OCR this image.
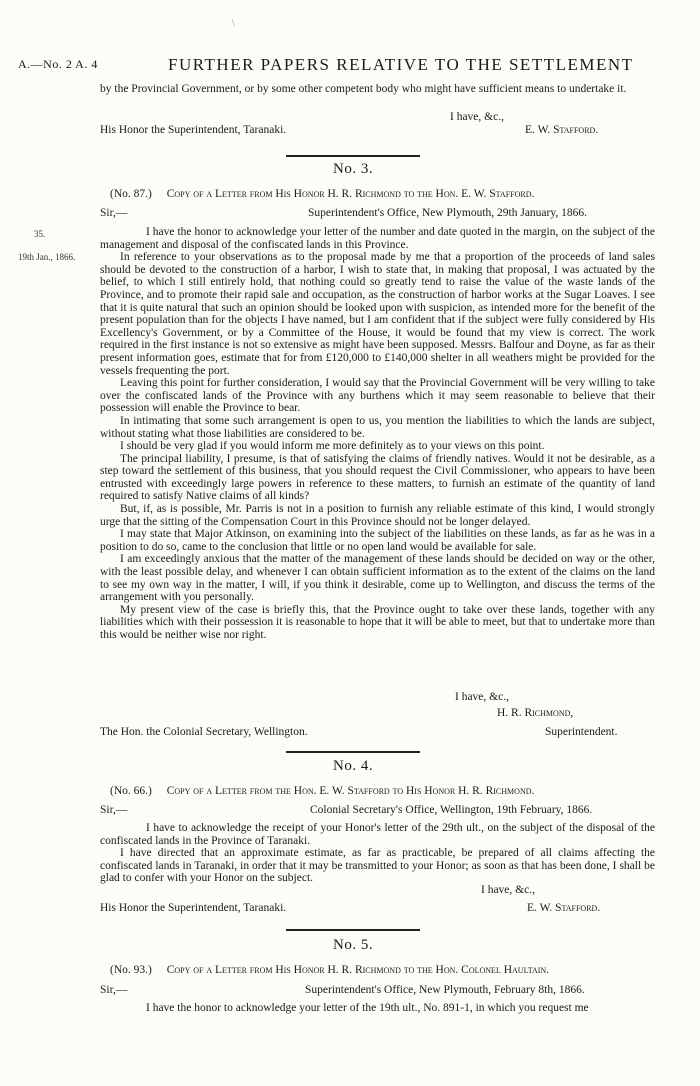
\
A.—No. 2 A. 4	FURTHER PAPERS RELATIVE TO THE SETTLEMENT
by the Provincial Government, or by some other competent body who might have sufficient means to undertake it.
I have, &c.,
His Honor the Superintendent, Taranaki.	E. W. Stafford.
No. 3.
(No. 87.) Copy of a Letter from His Honor H. R. Richmond to the Hon. E. W. Stafford.
Sir,—	Superintendent's Office, New Plymouth, 29th January, 1866.
35.
19th Jan., 1866.

I have the honor to acknowledge your letter of the number and date quoted in the margin, on the subject of the management and disposal of the confiscated lands in this Province.

In reference to your observations as to the proposal made by me that a proportion of the proceeds of land sales should be devoted to the construction of a harbor, I wish to state that, in making that proposal, I was actuated by the belief, to which I still entirely hold, that nothing could so greatly tend to raise the value of the waste lands of the Province, and to promote their rapid sale and occupation, as the construction of harbor works at the Sugar Loaves. I see that it is quite natural that such an opinion should be looked upon with suspicion, as intended more for the benefit of the present population than for the objects I have named, but I am confident that if the subject were fully considered by His Excellency's Government, or by a Committee of the House, it would be found that my view is correct. The work required in the first instance is not so extensive as might have been supposed. Messrs. Balfour and Doyne, as far as their present information goes, estimate that for from £120,000 to £140,000 shelter in all weathers might be provided for the vessels frequenting the port.

Leaving this point for further consideration, I would say that the Provincial Government will be very willing to take over the confiscated lands of the Province with any burthens which it may seem reasonable to believe that their possession will enable the Province to bear.

In intimating that some such arrangement is open to us, you mention the liabilities to which the lands are subject, without stating what those liabilities are considered to be.

I should be very glad if you would inform me more definitely as to your views on this point.

The principal liability, I presume, is that of satisfying the claims of friendly natives. Would it not be desirable, as a step toward the settlement of this business, that you should request the Civil Commissioner, who appears to have been entrusted with exceedingly large powers in reference to these matters, to furnish an estimate of the quantity of land required to satisfy Native claims of all kinds?

But, if, as is possible, Mr. Parris is not in a position to furnish any reliable estimate of this kind, I would strongly urge that the sitting of the Compensation Court in this Province should not be longer delayed.

I may state that Major Atkinson, on examining into the subject of the liabilities on these lands, as far as he was in a position to do so, came to the conclusion that little or no open land would be available for sale.

I am exceedingly anxious that the matter of the management of these lands should be decided on way or the other, with the least possible delay, and whenever I can obtain sufficient information as to the extent of the claims on the land to see my own way in the matter, I will, if you think it desirable, come up to Wellington, and discuss the terms of the arrangement with you personally.

My present view of the case is briefly this, that the Province ought to take over these lands, together with any liabilities which with their possession it is reasonable to hope that it will be able to meet, but that to undertake more than this would be neither wise nor right.

I have, &c.,
H. R. Richmond,
The Hon. the Colonial Secretary, Wellington.	Superintendent.
No. 4.
(No. 66.) Copy of a Letter from the Hon. E. W. Stafford to His Honor H. R. Richmond.
Sir,—	Colonial Secretary's Office, Wellington, 19th February, 1866.

I have to acknowledge the receipt of your Honor's letter of the 29th ult., on the subject of the disposal of the confiscated lands in the Province of Taranaki.

I have directed that an approximate estimate, as far as practicable, be prepared of all claims affecting the confiscated lands in Taranaki, in order that it may be transmitted to your Honor; as soon as that has been done, I shall be glad to confer with your Honor on the subject.

I have, &c.,
His Honor the Superintendent, Taranaki.	E. W. Stafford.
No. 5.
(No. 93.) Copy of a Letter from His Honor H. R. Richmond to the Hon. Colonel Haultain.
Sir,—	Superintendent's Office, New Plymouth, February 8th, 1866.
I have the honor to acknowledge your letter of the 19th ult., No. 891-1, in which you request me
